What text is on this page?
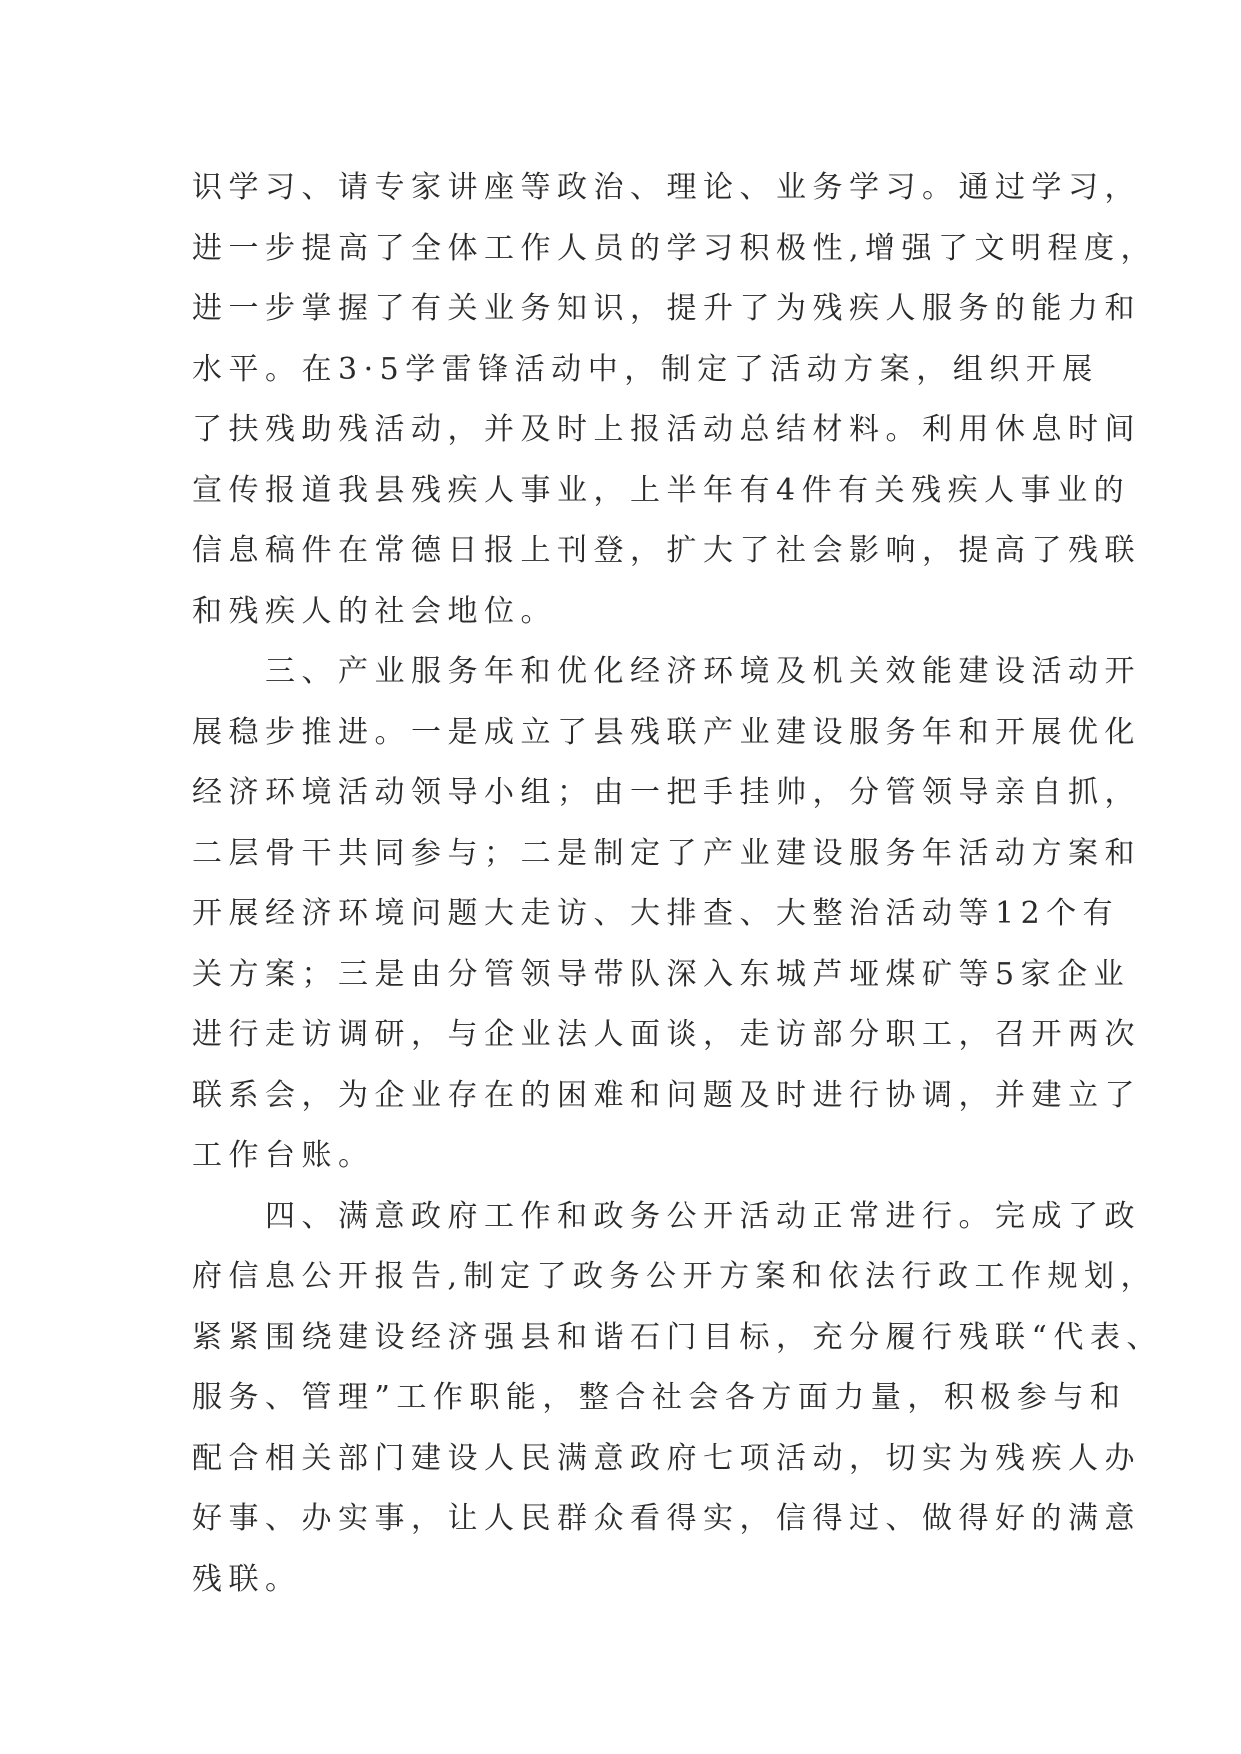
识学习、请专家讲座等政治、理论、业务学习。通过学习，
进一步提高了全体工作人员的学习积极性,增强了文明程度，
进一步掌握了有关业务知识，提升了为残疾人服务的能力和
水平。在3·5学雷锋活动中，制定了活动方案，组织开展
了扶残助残活动，并及时上报活动总结材料。利用休息时间
宣传报道我县残疾人事业，上半年有4件有关残疾人事业的
信息稿件在常德日报上刊登，扩大了社会影响，提高了残联
和残疾人的社会地位。
　　三、产业服务年和优化经济环境及机关效能建设活动开
展稳步推进。一是成立了县残联产业建设服务年和开展优化
经济环境活动领导小组；由一把手挂帅，分管领导亲自抓，
二层骨干共同参与；二是制定了产业建设服务年活动方案和
开展经济环境问题大走访、大排查、大整治活动等12个有
关方案；三是由分管领导带队深入东城芦垭煤矿等5家企业
进行走访调研，与企业法人面谈，走访部分职工，召开两次
联系会，为企业存在的困难和问题及时进行协调，并建立了
工作台账。
　　四、满意政府工作和政务公开活动正常进行。完成了政
府信息公开报告,制定了政务公开方案和依法行政工作规划，
紧紧围绕建设经济强县和谐石门目标，充分履行残联“代表、
服务、管理”工作职能，整合社会各方面力量，积极参与和
配合相关部门建设人民满意政府七项活动，切实为残疾人办
好事、办实事，让人民群众看得实，信得过、做得好的满意
残联。
